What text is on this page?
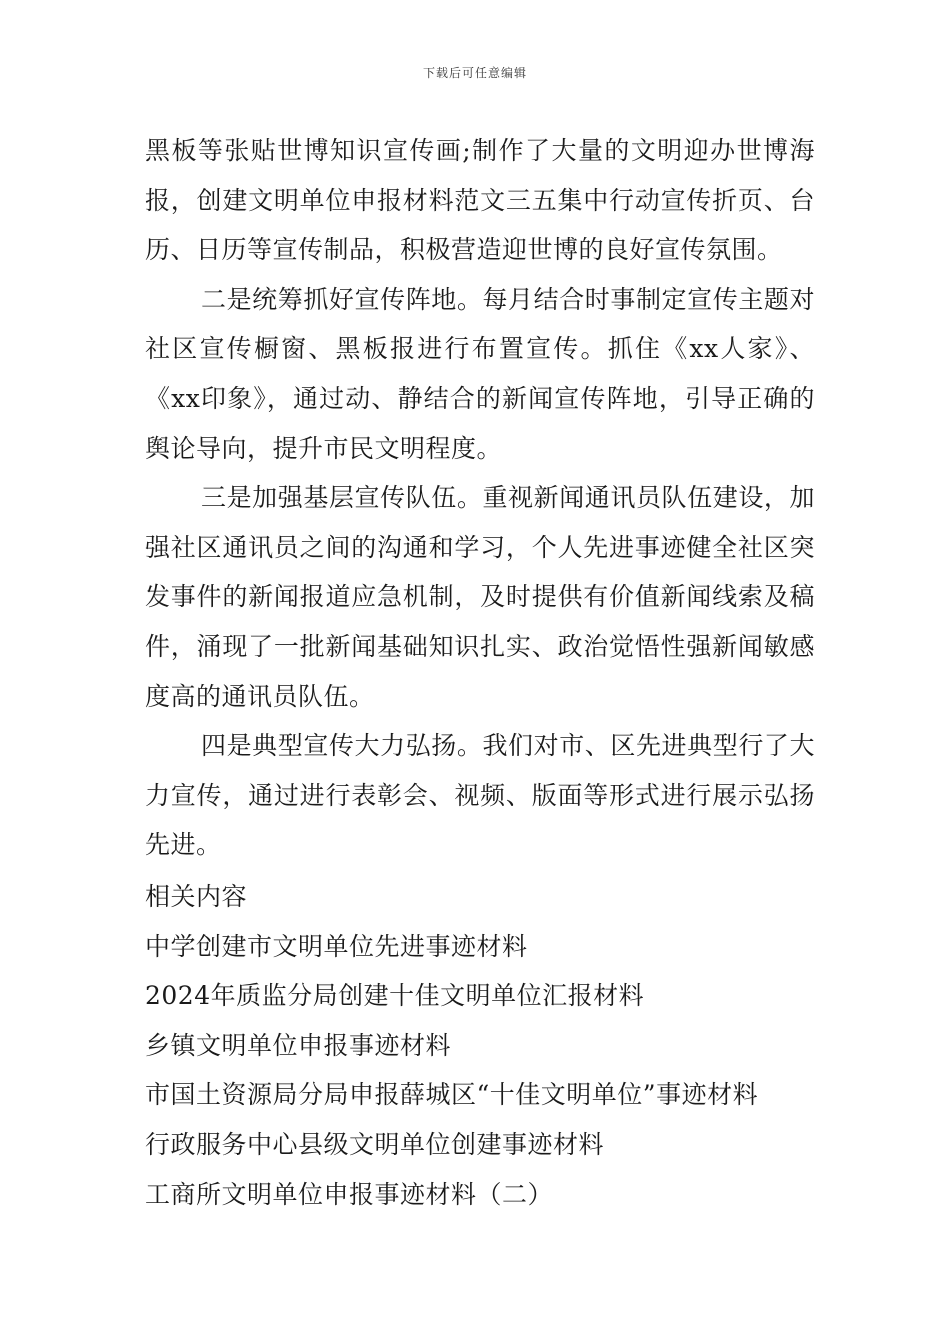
下载后可任意编辑

黑板等张贴世博知识宣传画;制作了大量的文明迎办世博海报，创建文明单位申报材料范文三五集中行动宣传折页、台历、日历等宣传制品，积极营造迎世博的良好宣传氛围。

二是统筹抓好宣传阵地。每月结合时事制定宣传主题对社区宣传橱窗、黑板报进行布置宣传。抓住《xx人家》、《xx印象》，通过动、静结合的新闻宣传阵地，引导正确的舆论导向，提升市民文明程度。

三是加强基层宣传队伍。重视新闻通讯员队伍建设，加强社区通讯员之间的沟通和学习，个人先进事迹健全社区突发事件的新闻报道应急机制，及时提供有价值新闻线索及稿件，涌现了一批新闻基础知识扎实、政治觉悟性强新闻敏感度高的通讯员队伍。

四是典型宣传大力弘扬。我们对市、区先进典型行了大力宣传，通过进行表彰会、视频、版面等形式进行展示弘扬先进。

相关内容

中学创建市文明单位先进事迹材料

2024年质监分局创建十佳文明单位汇报材料

乡镇文明单位申报事迹材料

市国土资源局分局申报薛城区“十佳文明单位”事迹材料

行政服务中心县级文明单位创建事迹材料

工商所文明单位申报事迹材料（二）
